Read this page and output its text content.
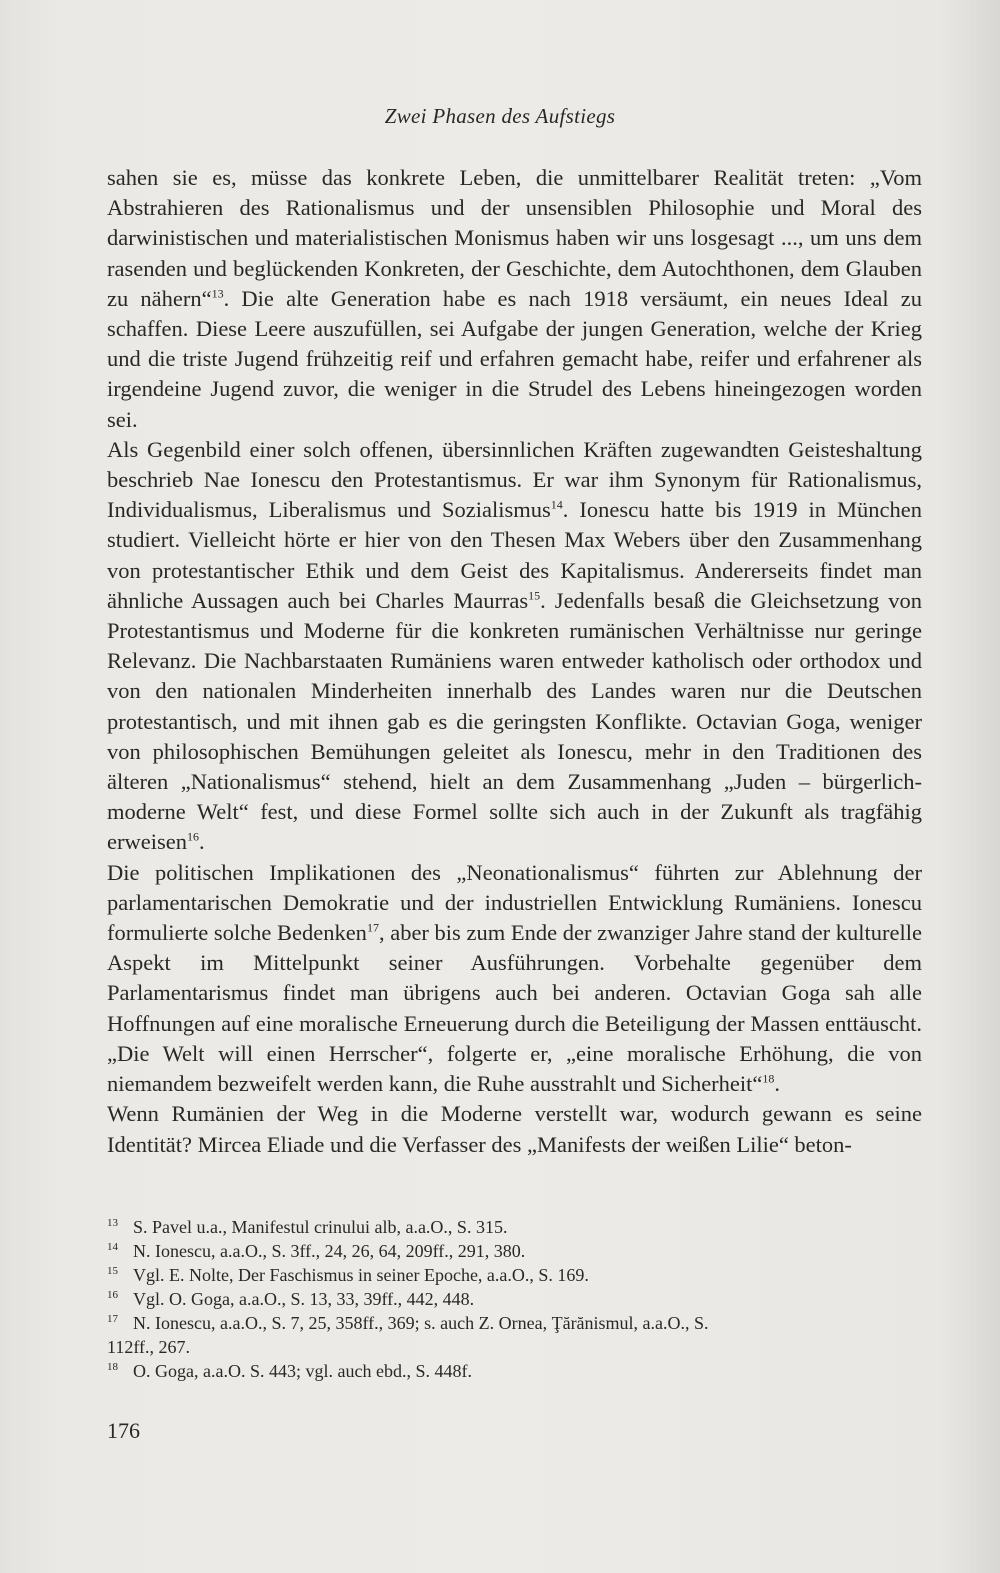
Zwei Phasen des Aufstiegs

sahen sie es, müsse das konkrete Leben, die unmittelbarer Realität treten: „Vom Abstrahieren des Rationalismus und der unsensiblen Philosophie und Moral des darwinistischen und materialistischen Monismus haben wir uns losgesagt ..., um uns dem rasenden und beglückenden Konkreten, der Geschichte, dem Autochthonen, dem Glauben zu nähern“$^{13}$. Die alte Generation habe es nach 1918 versäumt, ein neues Ideal zu schaffen. Diese Leere auszufüllen, sei Aufgabe der jungen Generation, welche der Krieg und die triste Jugend frühzeitig reif und erfahren gemacht habe, reifer und erfahrener als irgendeine Jugend zuvor, die weniger in die Strudel des Lebens hineingezogen worden sei.

Als Gegenbild einer solch offenen, übersinnlichen Kräften zugewandten Geisteshaltung beschrieb Nae Ionescu den Protestantismus. Er war ihm Synonym für Rationalismus, Individualismus, Liberalismus und Sozialismus$^{14}$. Ionescu hatte bis 1919 in München studiert. Vielleicht hörte er hier von den Thesen Max Webers über den Zusammenhang von protestantischer Ethik und dem Geist des Kapitalismus. Andererseits findet man ähnliche Aussagen auch bei Charles Maurras$^{15}$. Jedenfalls besaß die Gleichsetzung von Protestantismus und Moderne für die konkreten rumänischen Verhältnisse nur geringe Relevanz. Die Nachbarstaaten Rumäniens waren entweder katholisch oder orthodox und von den nationalen Minderheiten innerhalb des Landes waren nur die Deutschen protestantisch, und mit ihnen gab es die geringsten Konflikte. Octavian Goga, weniger von philosophischen Bemühungen geleitet als Ionescu, mehr in den Traditionen des älteren „Nationalismus“ stehend, hielt an dem Zusammenhang „Juden – bürgerlich-moderne Welt“ fest, und diese Formel sollte sich auch in der Zukunft als tragfähig erweisen$^{16}$.

Die politischen Implikationen des „Neonationalismus“ führten zur Ablehnung der parlamentarischen Demokratie und der industriellen Entwicklung Rumäniens. Ionescu formulierte solche Bedenken$^{17}$, aber bis zum Ende der zwanziger Jahre stand der kulturelle Aspekt im Mittelpunkt seiner Ausführungen. Vorbehalte gegenüber dem Parlamentarismus findet man übrigens auch bei anderen. Octavian Goga sah alle Hoffnungen auf eine moralische Erneuerung durch die Beteiligung der Massen enttäuscht. „Die Welt will einen Herrscher“, folgerte er, „eine moralische Erhöhung, die von niemandem bezweifelt werden kann, die Ruhe ausstrahlt und Sicherheit“$^{18}$.

Wenn Rumänien der Weg in die Moderne verstellt war, wodurch gewann es seine Identität? Mircea Eliade und die Verfasser des „Manifests der weißen Lilie“ beton-

13 S. Pavel u.a., Manifestul crinului alb, a.a.O., S. 315.
14 N. Ionescu, a.a.O., S. 3ff., 24, 26, 64, 209ff., 291, 380.
15 Vgl. E. Nolte, Der Faschismus in seiner Epoche, a.a.O., S. 169.
16 Vgl. O. Goga, a.a.O., S. 13, 33, 39ff., 442, 448.
17 N. Ionescu, a.a.O., S. 7, 25, 358ff., 369; s. auch Z. Ornea, Ţărănismul, a.a.O., S.
112ff., 267.
18 O. Goga, a.a.O. S. 443; vgl. auch ebd., S. 448f.
176
